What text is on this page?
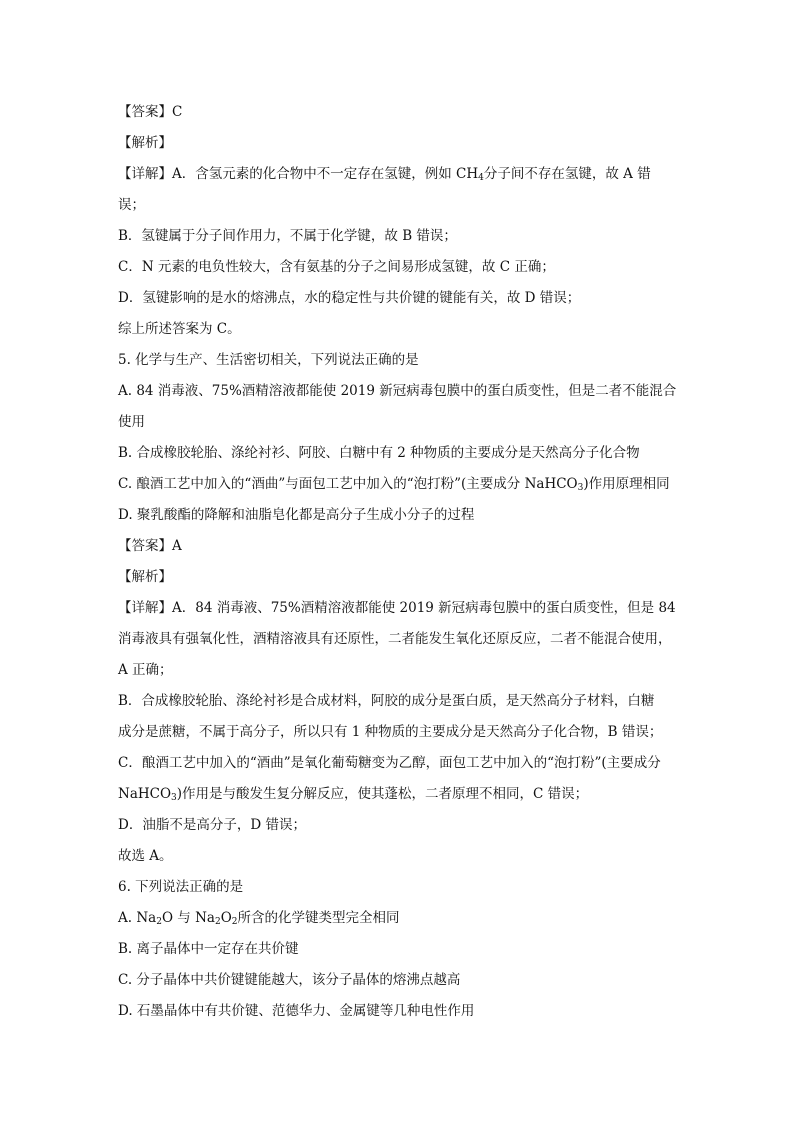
【答案】C
【解析】
【详解】A．含氢元素的化合物中不一定存在氢键，例如 $CH_4$分子间不存在氢键，故 A 错
误；
B．氢键属于分子间作用力，不属于化学键，故 B 错误；
C．N 元素的电负性较大，含有氨基的分子之间易形成氢键，故 C 正确；
D．氢键影响的是水的熔沸点，水的稳定性与共价键的键能有关，故 D 错误；
综上所述答案为 C。
5. 化学与生产、生活密切相关，下列说法正确的是
A. 84 消毒液、75%酒精溶液都能使 2019 新冠病毒包膜中的蛋白质变性，但是二者不能混合
使用
B. 合成橡胶轮胎、涤纶衬衫、阿胶、白糖中有 2 种物质的主要成分是天然高分子化合物
C. 酿酒工艺中加入的“酒曲”与面包工艺中加入的“泡打粉”(主要成分 NaHCO$_3$)作用原理相同
D. 聚乳酸酯的降解和油脂皂化都是高分子生成小分子的过程
【答案】A
【解析】
【详解】A．84 消毒液、75%酒精溶液都能使 2019 新冠病毒包膜中的蛋白质变性，但是 84
消毒液具有强氧化性，酒精溶液具有还原性，二者能发生氧化还原反应，二者不能混合使用，
A 正确；
B．合成橡胶轮胎、涤纶衬衫是合成材料，阿胶的成分是蛋白质，是天然高分子材料，白糖
成分是蔗糖，不属于高分子，所以只有 1 种物质的主要成分是天然高分子化合物，B 错误；
C．酿酒工艺中加入的“酒曲”是氧化葡萄糖变为乙醇，面包工艺中加入的“泡打粉”(主要成分
NaHCO$_3$)作用是与酸发生复分解反应，使其蓬松，二者原理不相同，C 错误；
D．油脂不是高分子，D 错误；
故选 A。
6. 下列说法正确的是
A. $Na_2O$ 与 $Na_2O_2$所含的化学键类型完全相同
B. 离子晶体中一定存在共价键
C. 分子晶体中共价键键能越大，该分子晶体的熔沸点越高
D. 石墨晶体中有共价键、范德华力、金属键等几种电性作用
